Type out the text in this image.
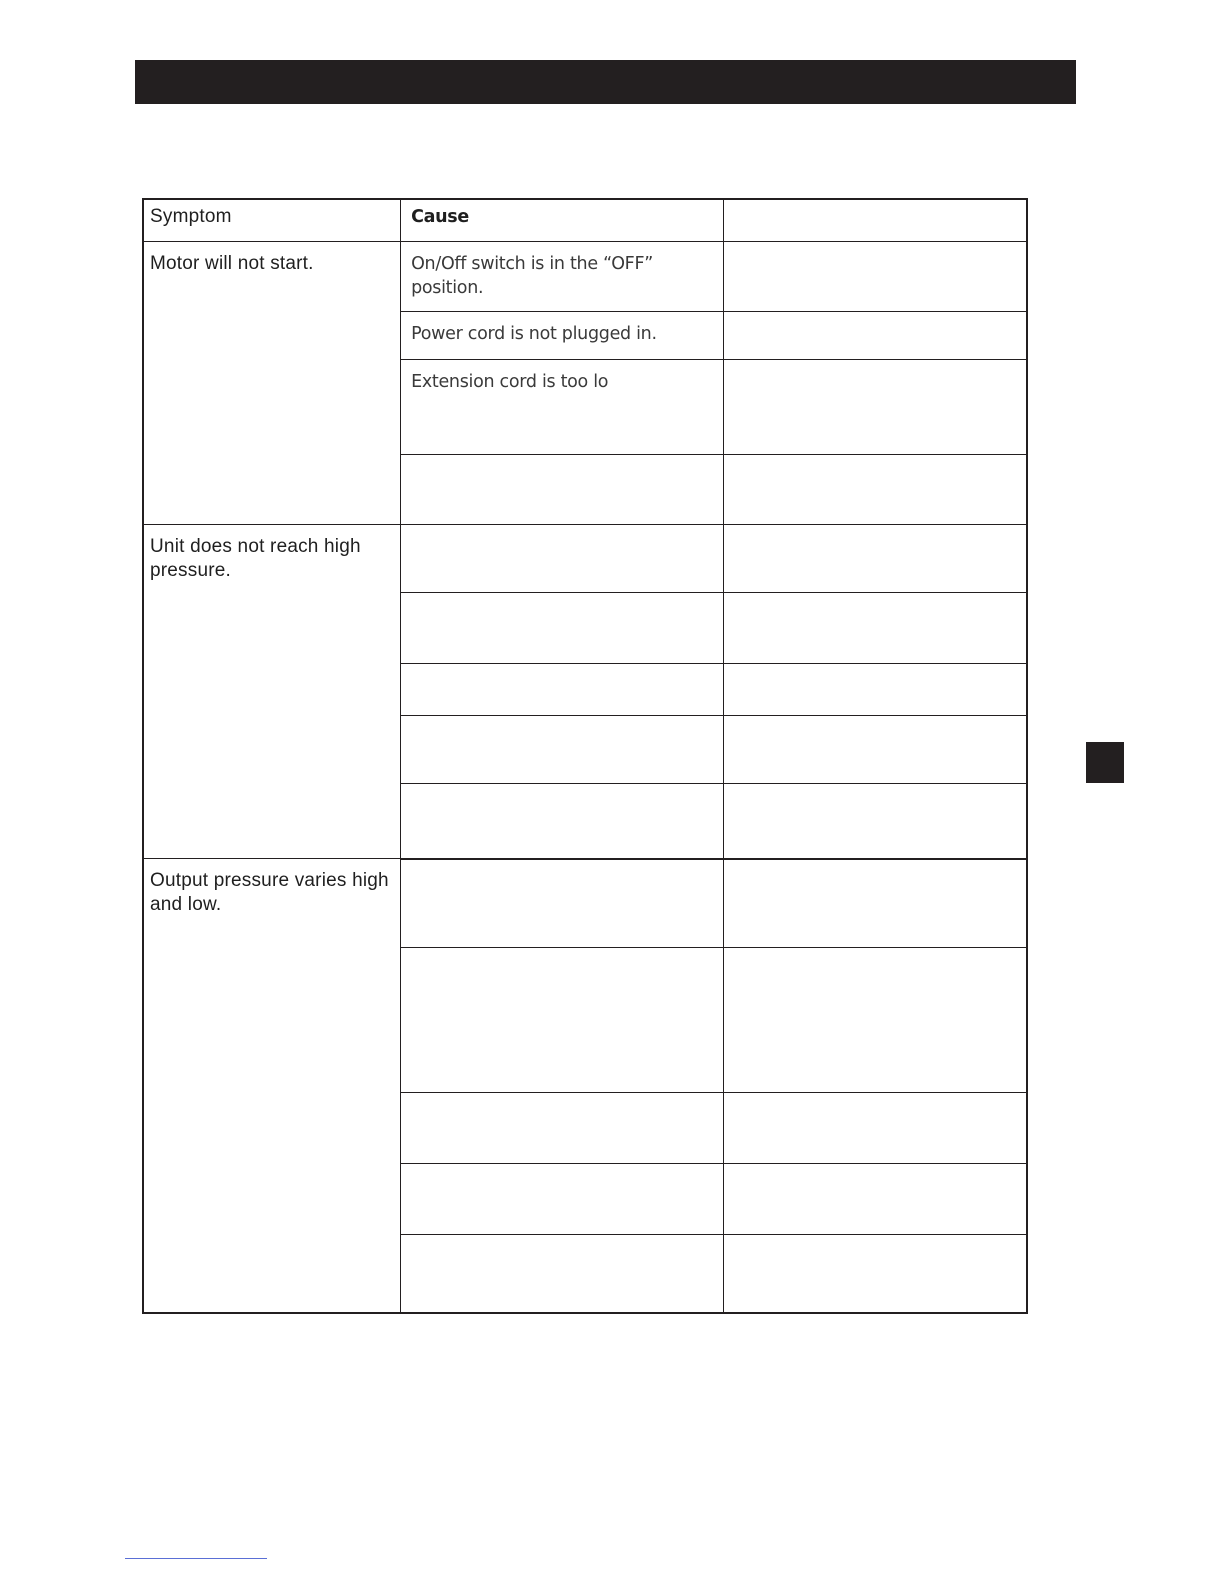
Symptom	Cause	

Motor will not start.	On/Off switch is in the “OFF” position.	

	Power cord is not plugged in.	

	Extension cord is too lo	

Unit does not reach high pressure.		

Output pressure varies high and low.		
